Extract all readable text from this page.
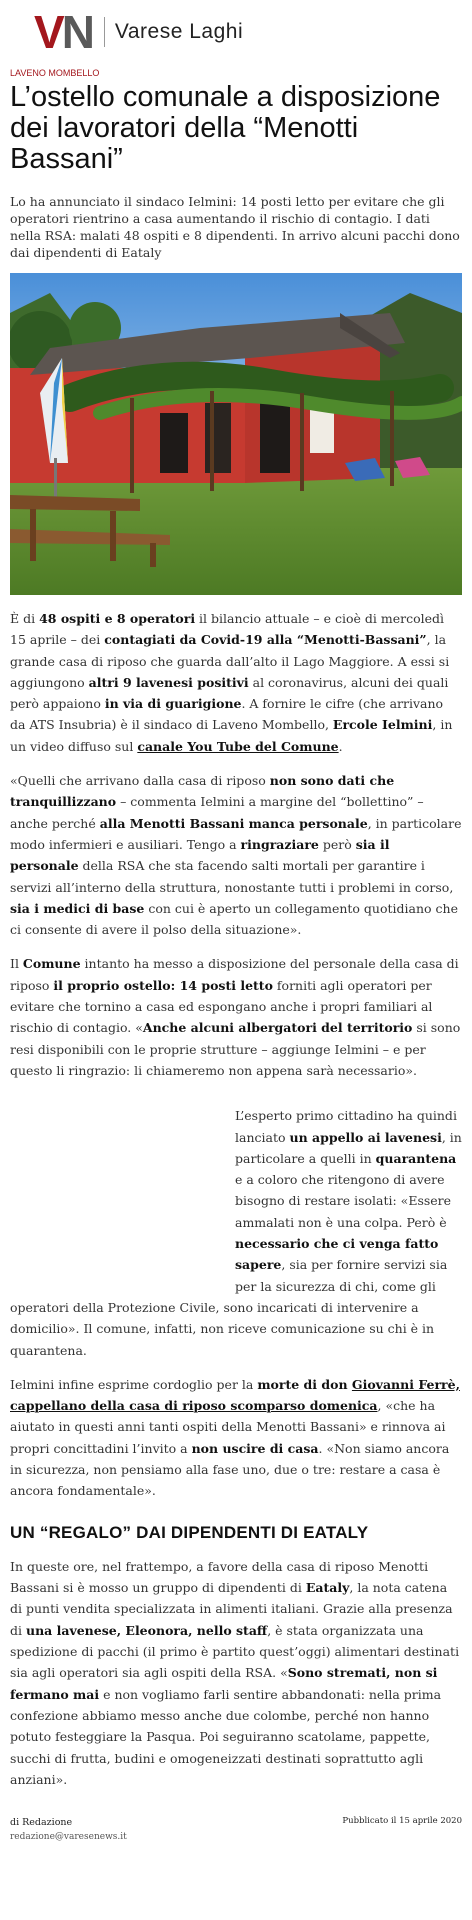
VN Varese Laghi
LAVENO MOMBELLO
L’ostello comunale a disposizione dei lavoratori della “Menotti Bassani”

Lo ha annunciato il sindaco Ielmini: 14 posti letto per evitare che gli operatori rientrino a casa aumentando il rischio di contagio. I dati nella RSA: malati 48 ospiti e 8 dipendenti. In arrivo alcuni pacchi dono dai dipendenti di Eataly

È di 48 ospiti e 8 operatori il bilancio attuale – e cioè di mercoledì 15 aprile – dei contagiati da Covid-19 alla “Menotti-Bassani”, la grande casa di riposo che guarda dall’alto il Lago Maggiore. A essi si aggiungono altri 9 lavenesi positivi al coronavirus, alcuni dei quali però appaiono in via di guarigione. A fornire le cifre (che arrivano da ATS Insubria) è il sindaco di Laveno Mombello, Ercole Ielmini, in un video diffuso sul canale You Tube del Comune.

«Quelli che arrivano dalla casa di riposo non sono dati che tranquillizzano – commenta Ielmini a margine del “bollettino” – anche perché alla Menotti Bassani manca personale, in particolare modo infermieri e ausiliari. Tengo a ringraziare però sia il personale della RSA che sta facendo salti mortali per garantire i servizi all’interno della struttura, nonostante tutti i problemi in corso, sia i medici di base con cui è aperto un collegamento quotidiano che ci consente di avere il polso della situazione».

Il Comune intanto ha messo a disposizione del personale della casa di riposo il proprio ostello: 14 posti letto forniti agli operatori per evitare che tornino a casa ed espongano anche i propri familiari al rischio di contagio. «Anche alcuni albergatori del territorio si sono resi disponibili con le proprie strutture – aggiunge Ielmini – e per questo li ringrazio: li chiameremo non appena sarà necessario».

L’esperto primo cittadino ha quindi lanciato un appello ai lavenesi, in particolare a quelli in quarantena e a coloro che ritengono di avere bisogno di restare isolati: «Essere ammalati non è una colpa. Però è necessario che ci venga fatto sapere, sia per fornire servizi sia per la sicurezza di chi, come gli operatori della Protezione Civile, sono incaricati di intervenire a domicilio». Il comune, infatti, non riceve comunicazione su chi è in quarantena.

Ielmini infine esprime cordoglio per la morte di don Giovanni Ferrè, cappellano della casa di riposo scomparso domenica, «che ha aiutato in questi anni tanti ospiti della Menotti Bassani» e rinnova ai propri concittadini l’invito a non uscire di casa. «Non siamo ancora in sicurezza, non pensiamo alla fase uno, due o tre: restare a casa è ancora fondamentale».

UN “REGALO” DAI DIPENDENTI DI EATALY

In queste ore, nel frattempo, a favore della casa di riposo Menotti Bassani si è mosso un gruppo di dipendenti di Eataly, la nota catena di punti vendita specializzata in alimenti italiani. Grazie alla presenza di una lavenese, Eleonora, nello staff, è stata organizzata una spedizione di pacchi (il primo è partito quest’oggi) alimentari destinati sia agli operatori sia agli ospiti della RSA. «Sono stremati, non si fermano mai e non vogliamo farli sentire abbandonati: nella prima confezione abbiamo messo anche due colombe, perché non hanno potuto festeggiare la Pasqua. Poi seguiranno scatolame, pappette, succhi di frutta, budini e omogeneizzati destinati soprattutto agli anziani».

di Redazione
redazione@varesenews.it
Pubblicato il 15 aprile 2020
